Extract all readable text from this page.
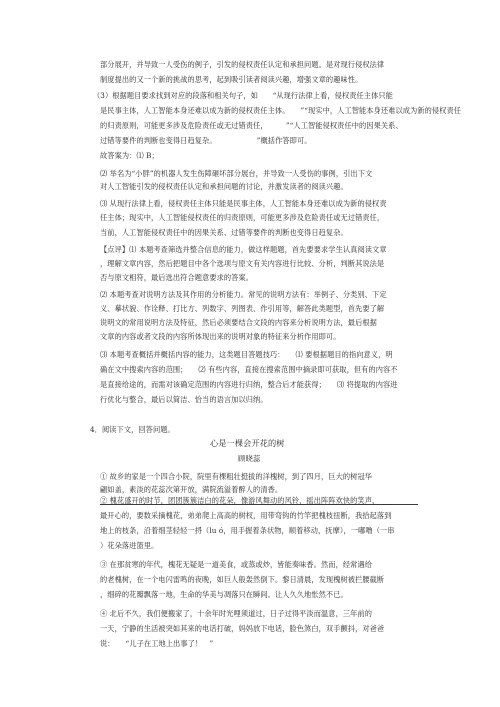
部分展开，并导致一人受伤的例子，引发的侵权责任认定和承担问题。是对现行侵权法律
制度提出的又一个新的挑战的思考，起到吸引读者阅读兴趣，增强文章的趣味性。
（3）根据题目要求找到对应的段落和相关句子，如　　“从现行法律上看，侵权责任主体只能
是民事主体，人工智能本身还难以成为新的侵权责任主体。　　”“现实中，人工智能本身还难以成为新的侵权责任
的归责原则，可能更多涉及危险责任或无过错责任，　　　”“人工智能侵权责任中的因果关系、
过错等要件的判断也变得日趋复杂。　　　　　　”概括作答即可。
故答案为：⑴ B；
⑵ 举名为“小胖”的机器人发生伤障砸坏部分展台，并导致一人受伤的事例，引出下文
对人工智能引发的侵权责任认定和承担问题的讨论，并激发读者的阅读兴趣。
⑶ 从现行法律上看，侵权责任主体只能是民事主体，人工智能本身还难以成为新的侵权责
任主体；现实中，人工智能侵权责任的归责原则，可能更多涉及危险责任或无过错责任，
当前，人工智能侵权责任中的因果关系、过错等要件的判断也变得日趋复杂。
【点评】⑴ 本题考查筛选并整合信息的能力，做这样题题，首先要要求学生认真阅读文章
，理解文章内容，然后把题目中各个选项与原文有关内容进行比较、分析，判断其说法是
否与原文相符，最后选出符合题意要求的答案。
⑵ 本题考查对说明方法及其作用的分析能力。常见的说明方法有：举例子、分类别、下定
义、摹状貌、作诠释、打比方、列数字、列图表、作引用等，解答此类题型，首先要了解
说明文的常用说明方法及特征，然后必须要结合文段的内容来分析说明方法，最后根据
文章的内容或者文段的内容所体现出来的说明对象的特征来分析作用即可。
⑶ 本题考查概括并概括内容的能力，这类题目答题技巧：　　⑴ 要根据题目的指向意义，明
确在文中搜索内容的范围；　　⑵ 有些内容，直接在搜索范围中摘录即可获取，但有的内容不
是直接给途的，而需对该确定范围的内容进行归纳，整合后才能获得；　　⑶ 将提取的内容进
行优化与整合，最后以简洁、恰当的语言加以归纳。
4．阅读下文，回答问题。
心是一棵会开花的树
顾晓蕊
① 故乡的家是一个四合小院，院里有棵粗壮挺拔的洋槐树，到了四月，巨大的树冠华
翩如盖，素淡的花蕊次第开放，满院流溢着醉人的清香。
② 槐花盛开的时节，团团簇簇洁白的花朵，像游风舞动的风铃，摇出阵阵欢快的笑声，
最开心的，要数采摘槐花，弟弟爬上高高的树杈，用带弯钩的竹竿把槐枝扭断，我拾起落到
地上的枝条，沿着细茎轻轻一捋（lu ó，用手握着条状物，顺着移动，抚摩），一嘟噜（一串
）花朵落进篮里。
③ 在那贫寒的年代，槐花无疑是一道美食，或蒸或炒，皆能奏味香。然而，经常遇给
的老槐树，在一个电闪雷鸣的夜晚，如巨人般轰然倒下。黎日清晨，发现槐树被拦腰截断
，细碎的花瓣飘落一地，生命的华美与凋落只在瞬间。让人久久地怅然不已。
④ 北后不久，我们便搬家了，十余年时光哩须道过，日子过得平淡而温意，三年前的
一天，宁静的生活被突如其来的电话打破，妈妈放下电话，脸色煞白，双手颤抖，对爸爸
说：　　“儿子在工地上出事了！　”
